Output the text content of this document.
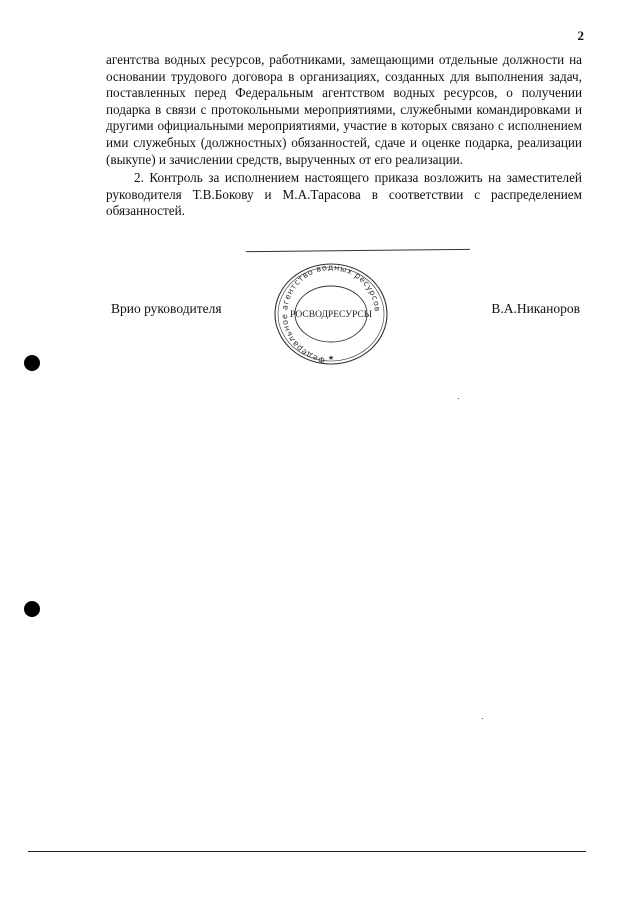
2

агентства водных ресурсов, работниками, замещающими отдельные должности на основании трудового договора в организациях, созданных для выполнения задач, поставленных перед Федеральным агентством водных ресурсов, о получении подарка в связи с протокольными мероприятиями, служебными командировками и другими официальными мероприятиями, участие в которых связано с исполнением ими служебных (должностных) обязанностей, сдаче и оценке подарка, реализации (выкупе) и зачислении средств, вырученных от его реализации.

2. Контроль за исполнением настоящего приказа возложить на заместителей руководителя Т.В.Бокову и М.А.Тарасова в соответствии с распределением обязанностей.

Врио руководителя
Федеральное агентство водных ресурсов
РОСВОДРЕСУРСЫ
★
В.А.Никаноров
